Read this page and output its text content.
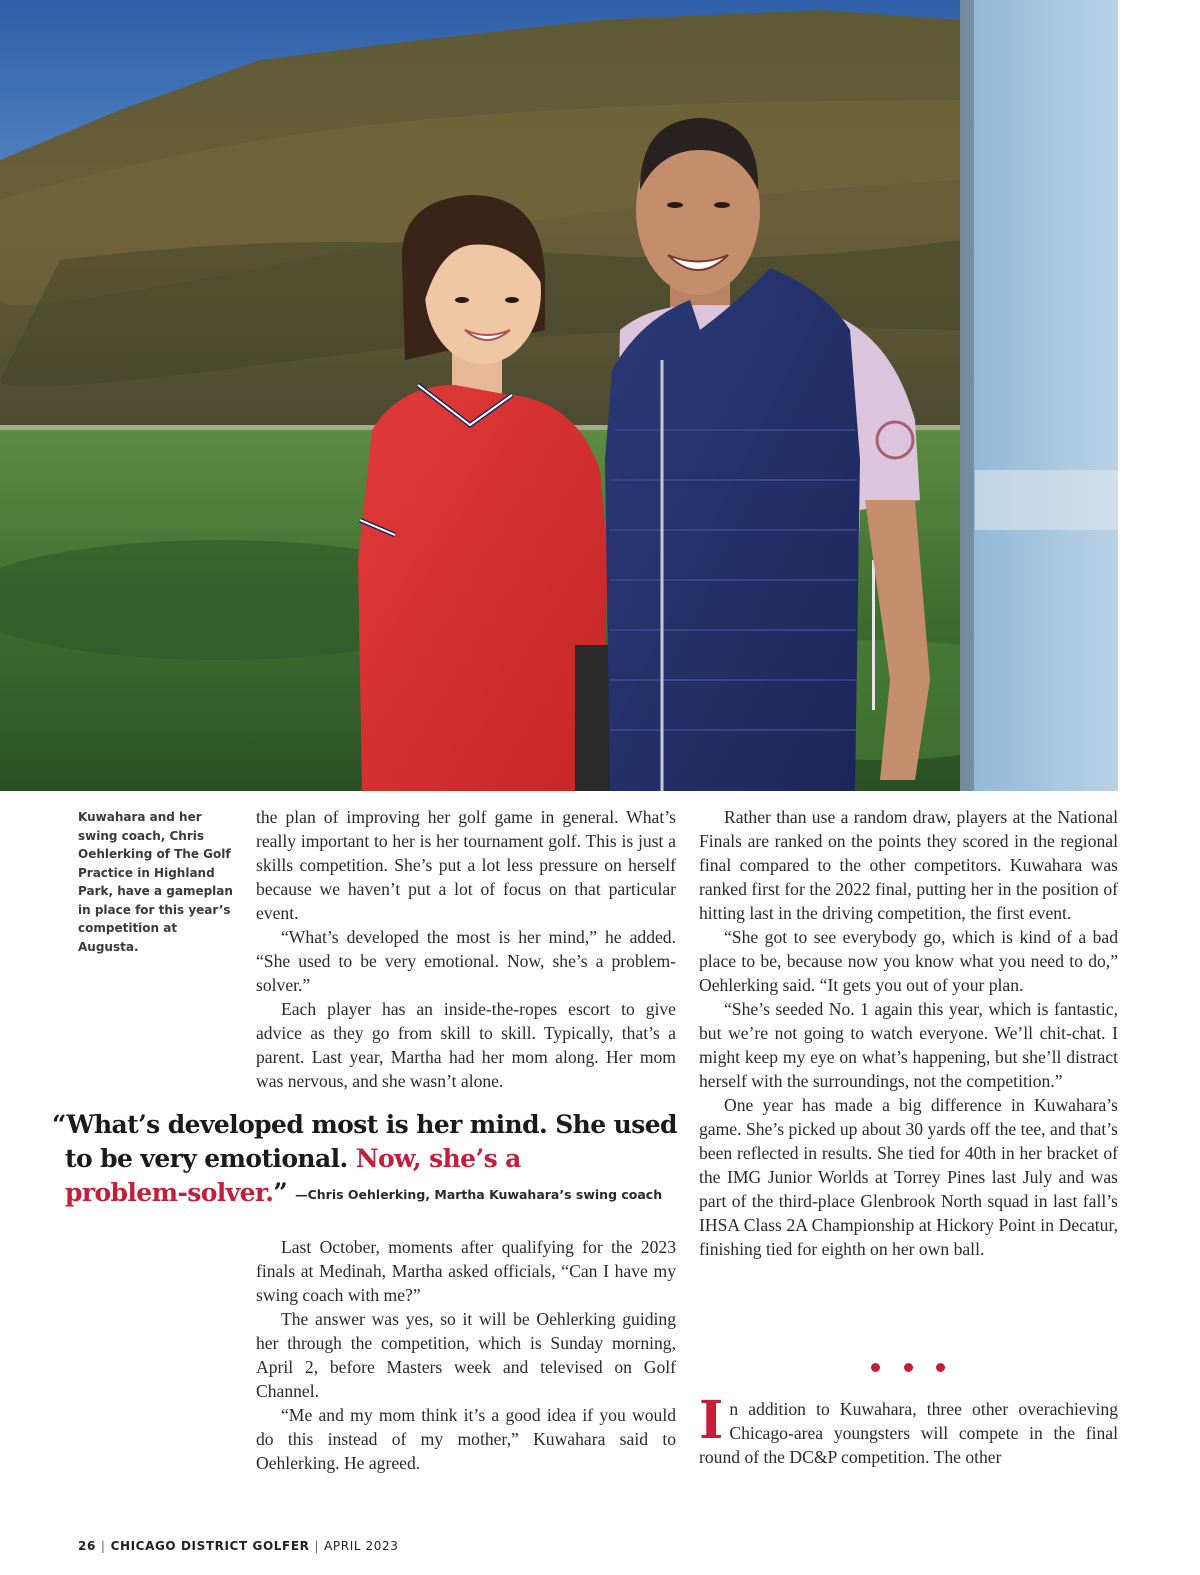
Kuwahara and her swing coach, Chris Oehlerking of The Golf Practice in Highland Park, have a gameplan in place for this year’s competition at Augusta.

the plan of improving her golf game in general. What’s really important to her is her tournament golf. This is just a skills competition. She’s put a lot less pressure on herself because we haven’t put a lot of focus on that particular event.

“What’s developed the most is her mind,” he added. “She used to be very emotional. Now, she’s a problem-solver.”

Each player has an inside-the-ropes escort to give advice as they go from skill to skill. Typically, that’s a parent. Last year, Martha had her mom along. Her mom was nervous, and she wasn’t alone.

“What’s developed most is her mind. She used
to be very emotional. Now, she’s a
problem-solver.” —Chris Oehlerking, Martha Kuwahara’s swing coach

Last October, moments after qualifying for the 2023 finals at Medinah, Martha asked officials, “Can I have my swing coach with me?”

The answer was yes, so it will be Oehlerking guiding her through the competition, which is Sunday morning, April 2, before Masters week and televised on Golf Channel.

“Me and my mom think it’s a good idea if you would do this instead of my mother,” Kuwahara said to Oehlerking. He agreed.

Rather than use a random draw, players at the National Finals are ranked on the points they scored in the regional final compared to the other competitors. Kuwahara was ranked first for the 2022 final, putting her in the position of hitting last in the driving competition, the first event.

“She got to see everybody go, which is kind of a bad place to be, because now you know what you need to do,” Oehlerking said. “It gets you out of your plan.

“She’s seeded No. 1 again this year, which is fantastic, but we’re not going to watch everyone. We’ll chit-chat. I might keep my eye on what’s happening, but she’ll distract herself with the surroundings, not the competition.”

One year has made a big difference in Kuwahara’s game. She’s picked up about 30 yards off the tee, and that’s been reflected in results. She tied for 40th in her bracket of the IMG Junior Worlds at Torrey Pines last July and was part of the third-place Glenbrook North squad in last fall’s IHSA Class 2A Championship at Hickory Point in Decatur, finishing tied for eighth on her own ball.

In addition to Kuwahara, three other overachieving Chicago-area youngsters will compete in the final round of the DC&P competition. The other

26 | CHICAGO DISTRICT GOLFER | APRIL 2023
